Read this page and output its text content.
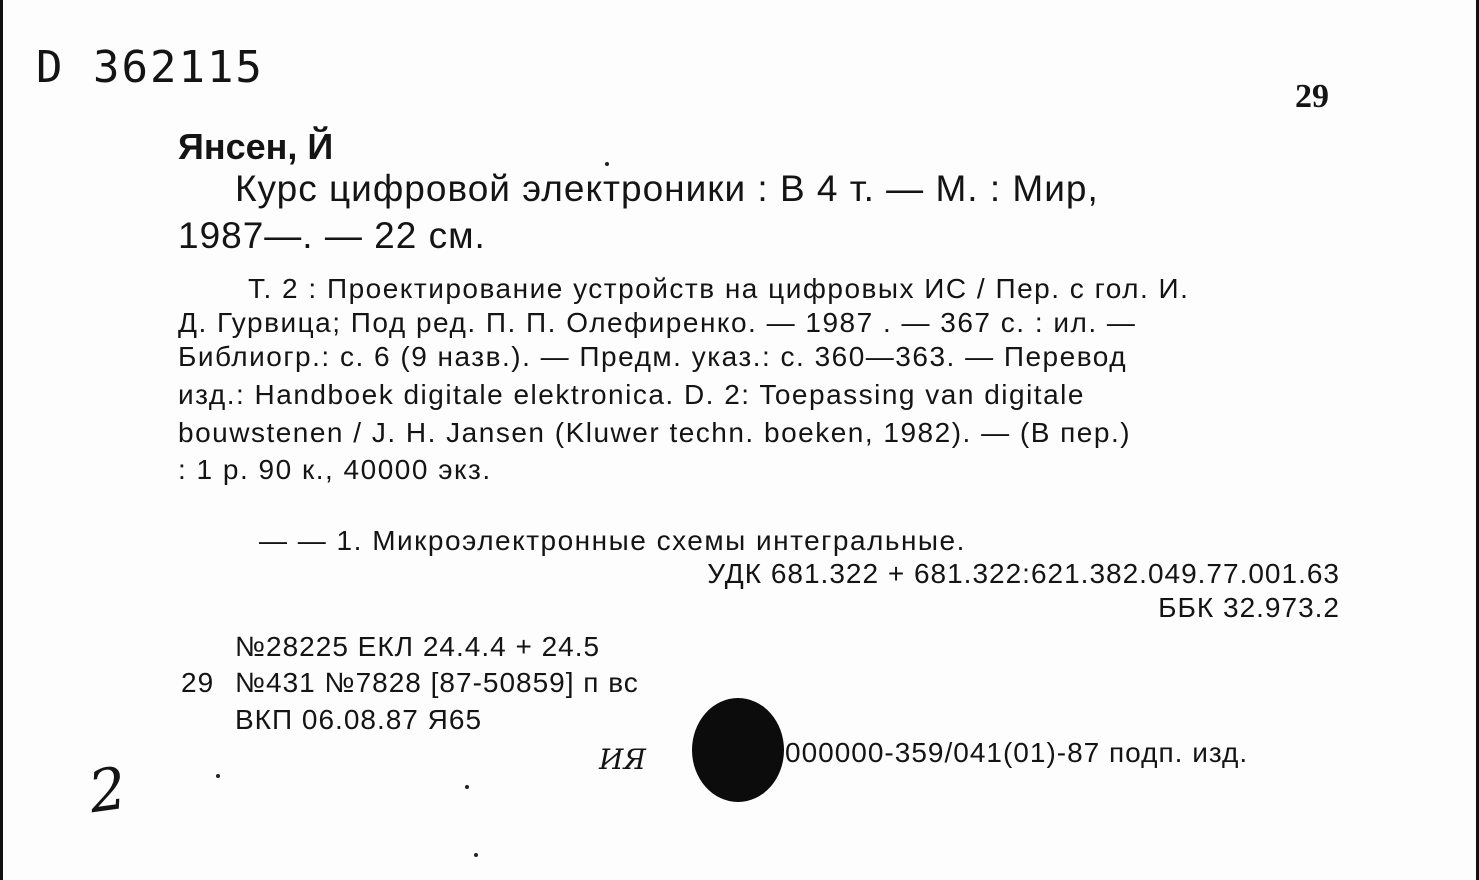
D 362115
29
Янсен, Й
Курс цифровой электроники : В 4 т. — М. : Мир,
1987—. — 22 см.
Т. 2 : Проектирование устройств на цифровых ИС / Пер. с гол. И.
Д. Гурвица; Под ред. П. П. Олефиренко. — 1987 . — 367 с. : ил. —
Библиогр.: с. 6 (9 назв.). — Предм. указ.: с. 360—363. — Перевод
изд.: Handboek digitale elektronica. D. 2: Toepassing van digitale
bouwstenen / J. H. Jansen (Kluwer techn. boeken, 1982). — (В пер.)
: 1 р. 90 к., 40000 экз.
— — 1. Микроэлектронные схемы интегральные.
УДК 681.322 + 681.322:621.382.049.77.001.63
ББК 32.973.2
№28225 ЕКЛ 24.4.4 + 24.5
29 №431 №7828 [87-50859] п вс
ВКП 06.08.87 Я65
ИЯ	000000-359/041(01)-87 подп. изд.
2
